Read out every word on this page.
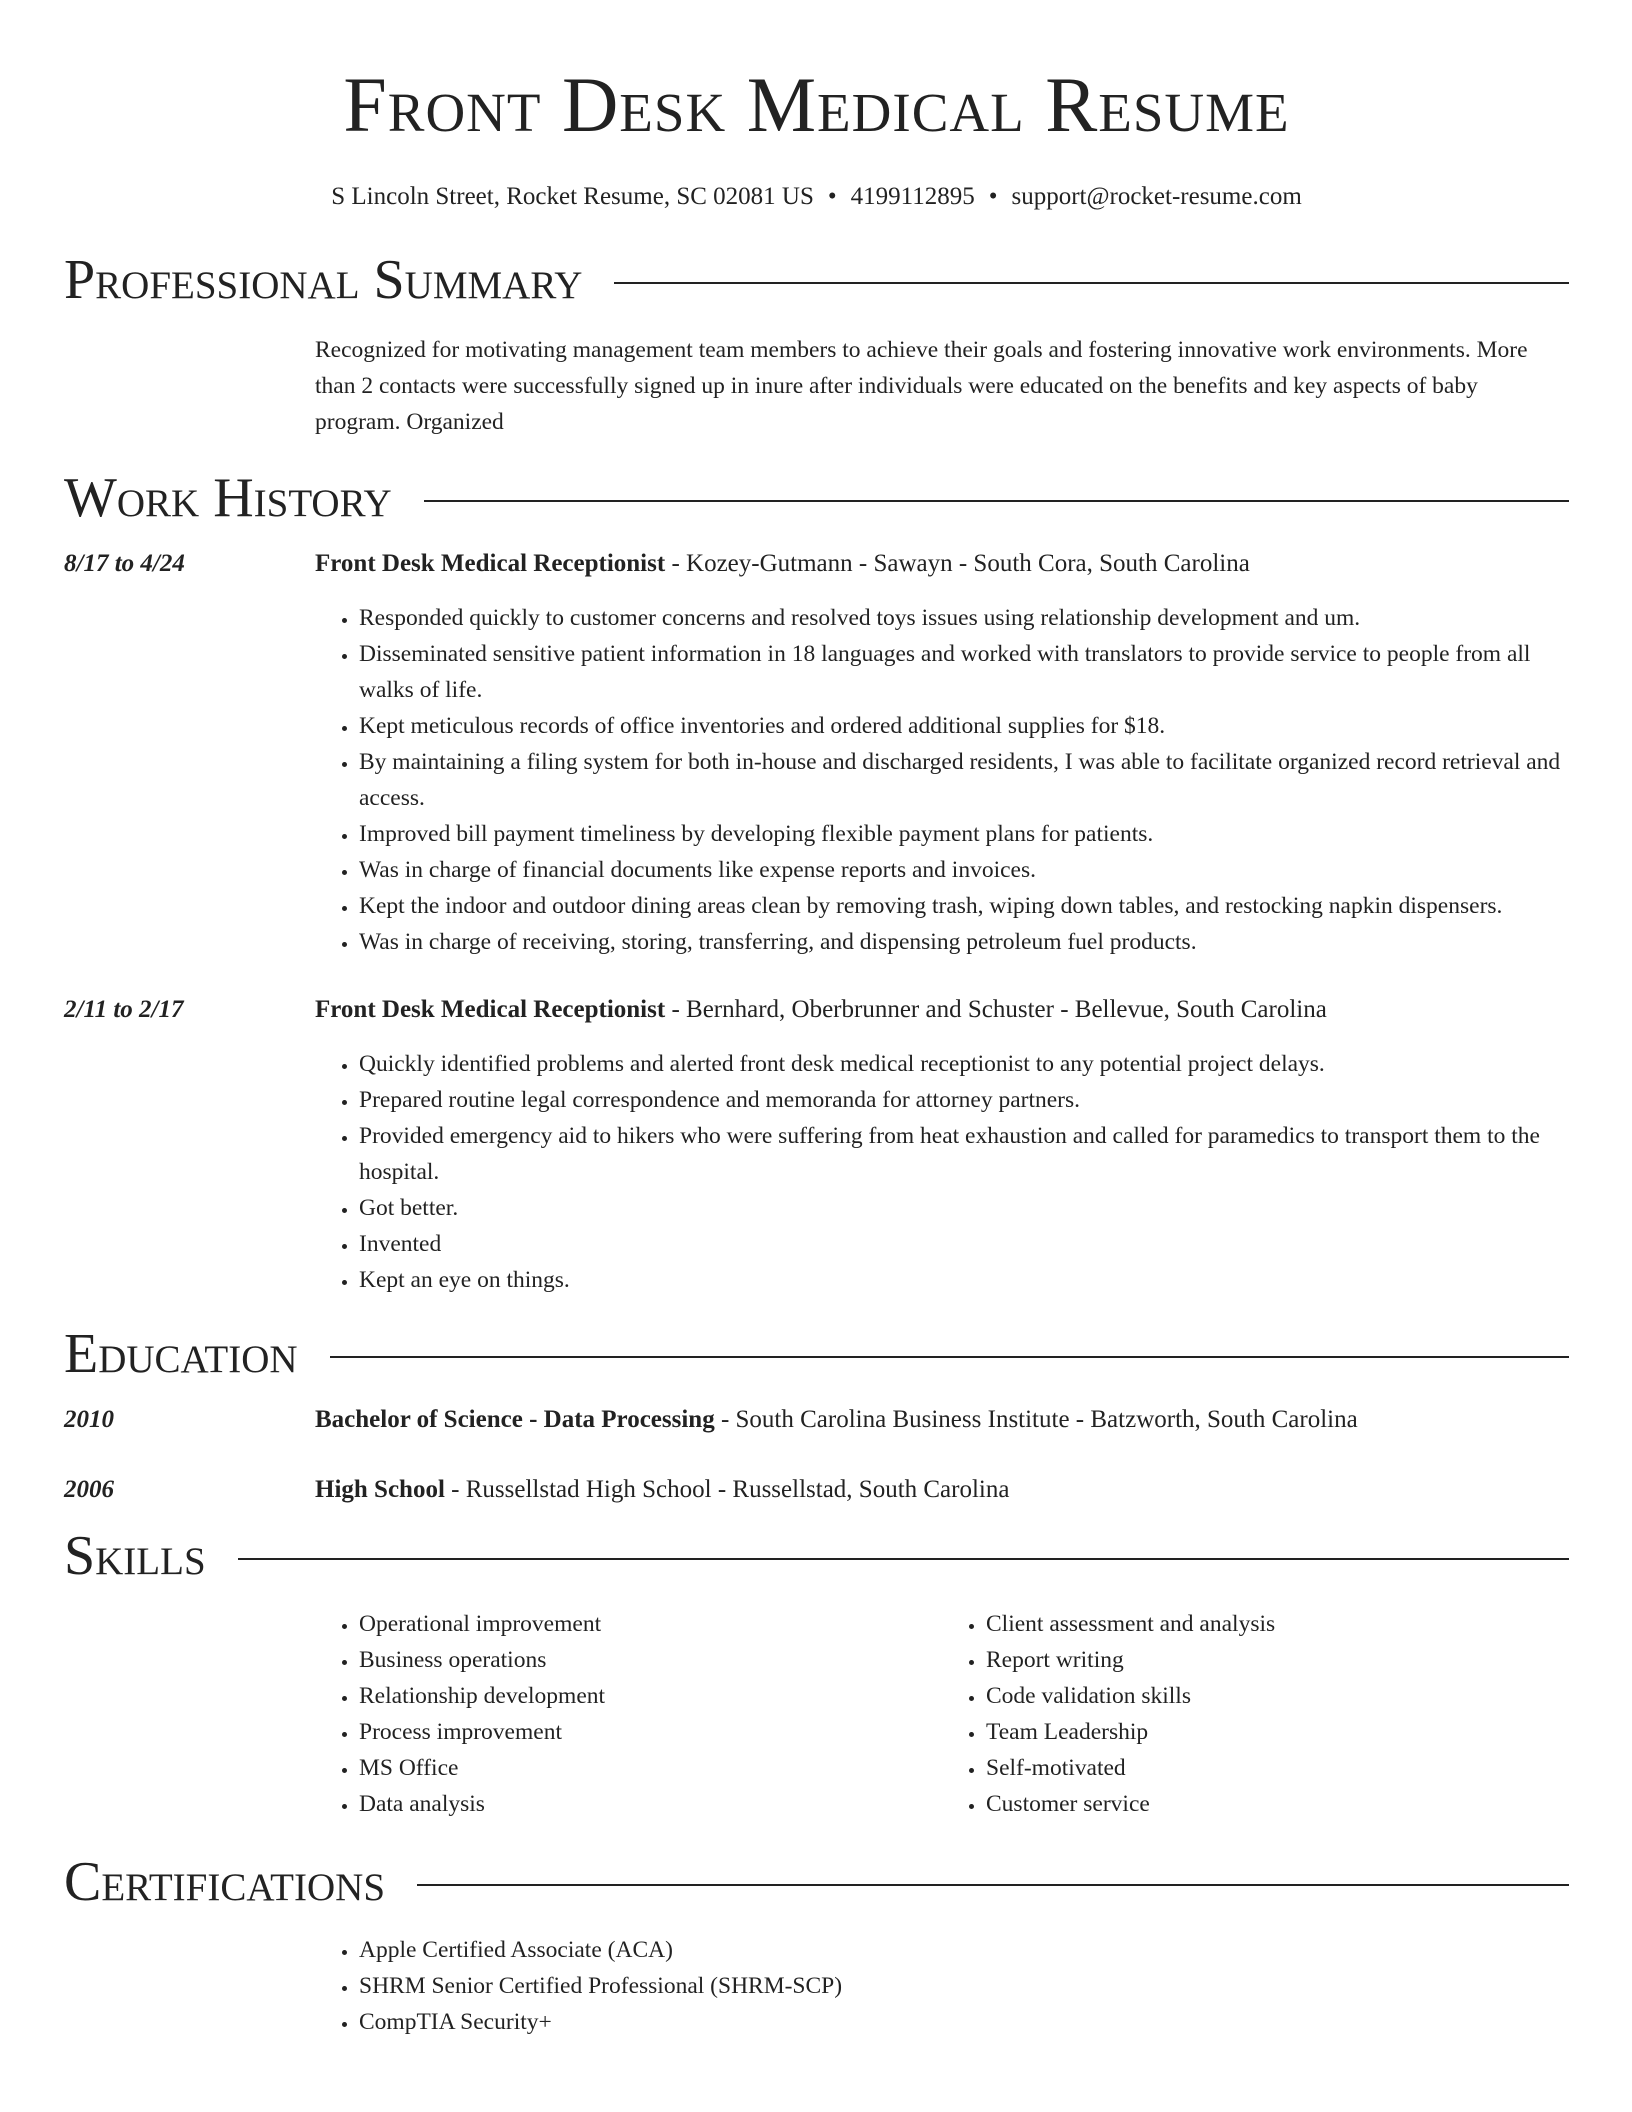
Front Desk Medical Resume
S Lincoln Street, Rocket Resume, SC 02081 US • 4199112895 • support@rocket-resume.com
Professional Summary
Recognized for motivating management team members to achieve their goals and fostering innovative work environments. More than 2 contacts were successfully signed up in inure after individuals were educated on the benefits and key aspects of baby program. Organized
Work History
8/17 to 4/24	Front Desk Medical Receptionist - Kozey-Gutmann - Sawayn - South Cora, South Carolina
• Responded quickly to customer concerns and resolved toys issues using relationship development and um.
• Disseminated sensitive patient information in 18 languages and worked with translators to provide service to people from all walks of life.
• Kept meticulous records of office inventories and ordered additional supplies for $18.
• By maintaining a filing system for both in-house and discharged residents, I was able to facilitate organized record retrieval and access.
• Improved bill payment timeliness by developing flexible payment plans for patients.
• Was in charge of financial documents like expense reports and invoices.
• Kept the indoor and outdoor dining areas clean by removing trash, wiping down tables, and restocking napkin dispensers.
• Was in charge of receiving, storing, transferring, and dispensing petroleum fuel products.
2/11 to 2/17	Front Desk Medical Receptionist - Bernhard, Oberbrunner and Schuster - Bellevue, South Carolina
• Quickly identified problems and alerted front desk medical receptionist to any potential project delays.
• Prepared routine legal correspondence and memoranda for attorney partners.
• Provided emergency aid to hikers who were suffering from heat exhaustion and called for paramedics to transport them to the hospital.
• Got better.
• Invented
• Kept an eye on things.
Education
2010	Bachelor of Science - Data Processing - South Carolina Business Institute - Batzworth, South Carolina
2006	High School - Russellstad High School - Russellstad, South Carolina
Skills
• Operational improvement
• Business operations
• Relationship development
• Process improvement
• MS Office
• Data analysis
• Client assessment and analysis
• Report writing
• Code validation skills
• Team Leadership
• Self-motivated
• Customer service
Certifications
• Apple Certified Associate (ACA)
• SHRM Senior Certified Professional (SHRM-SCP)
• CompTIA Security+
